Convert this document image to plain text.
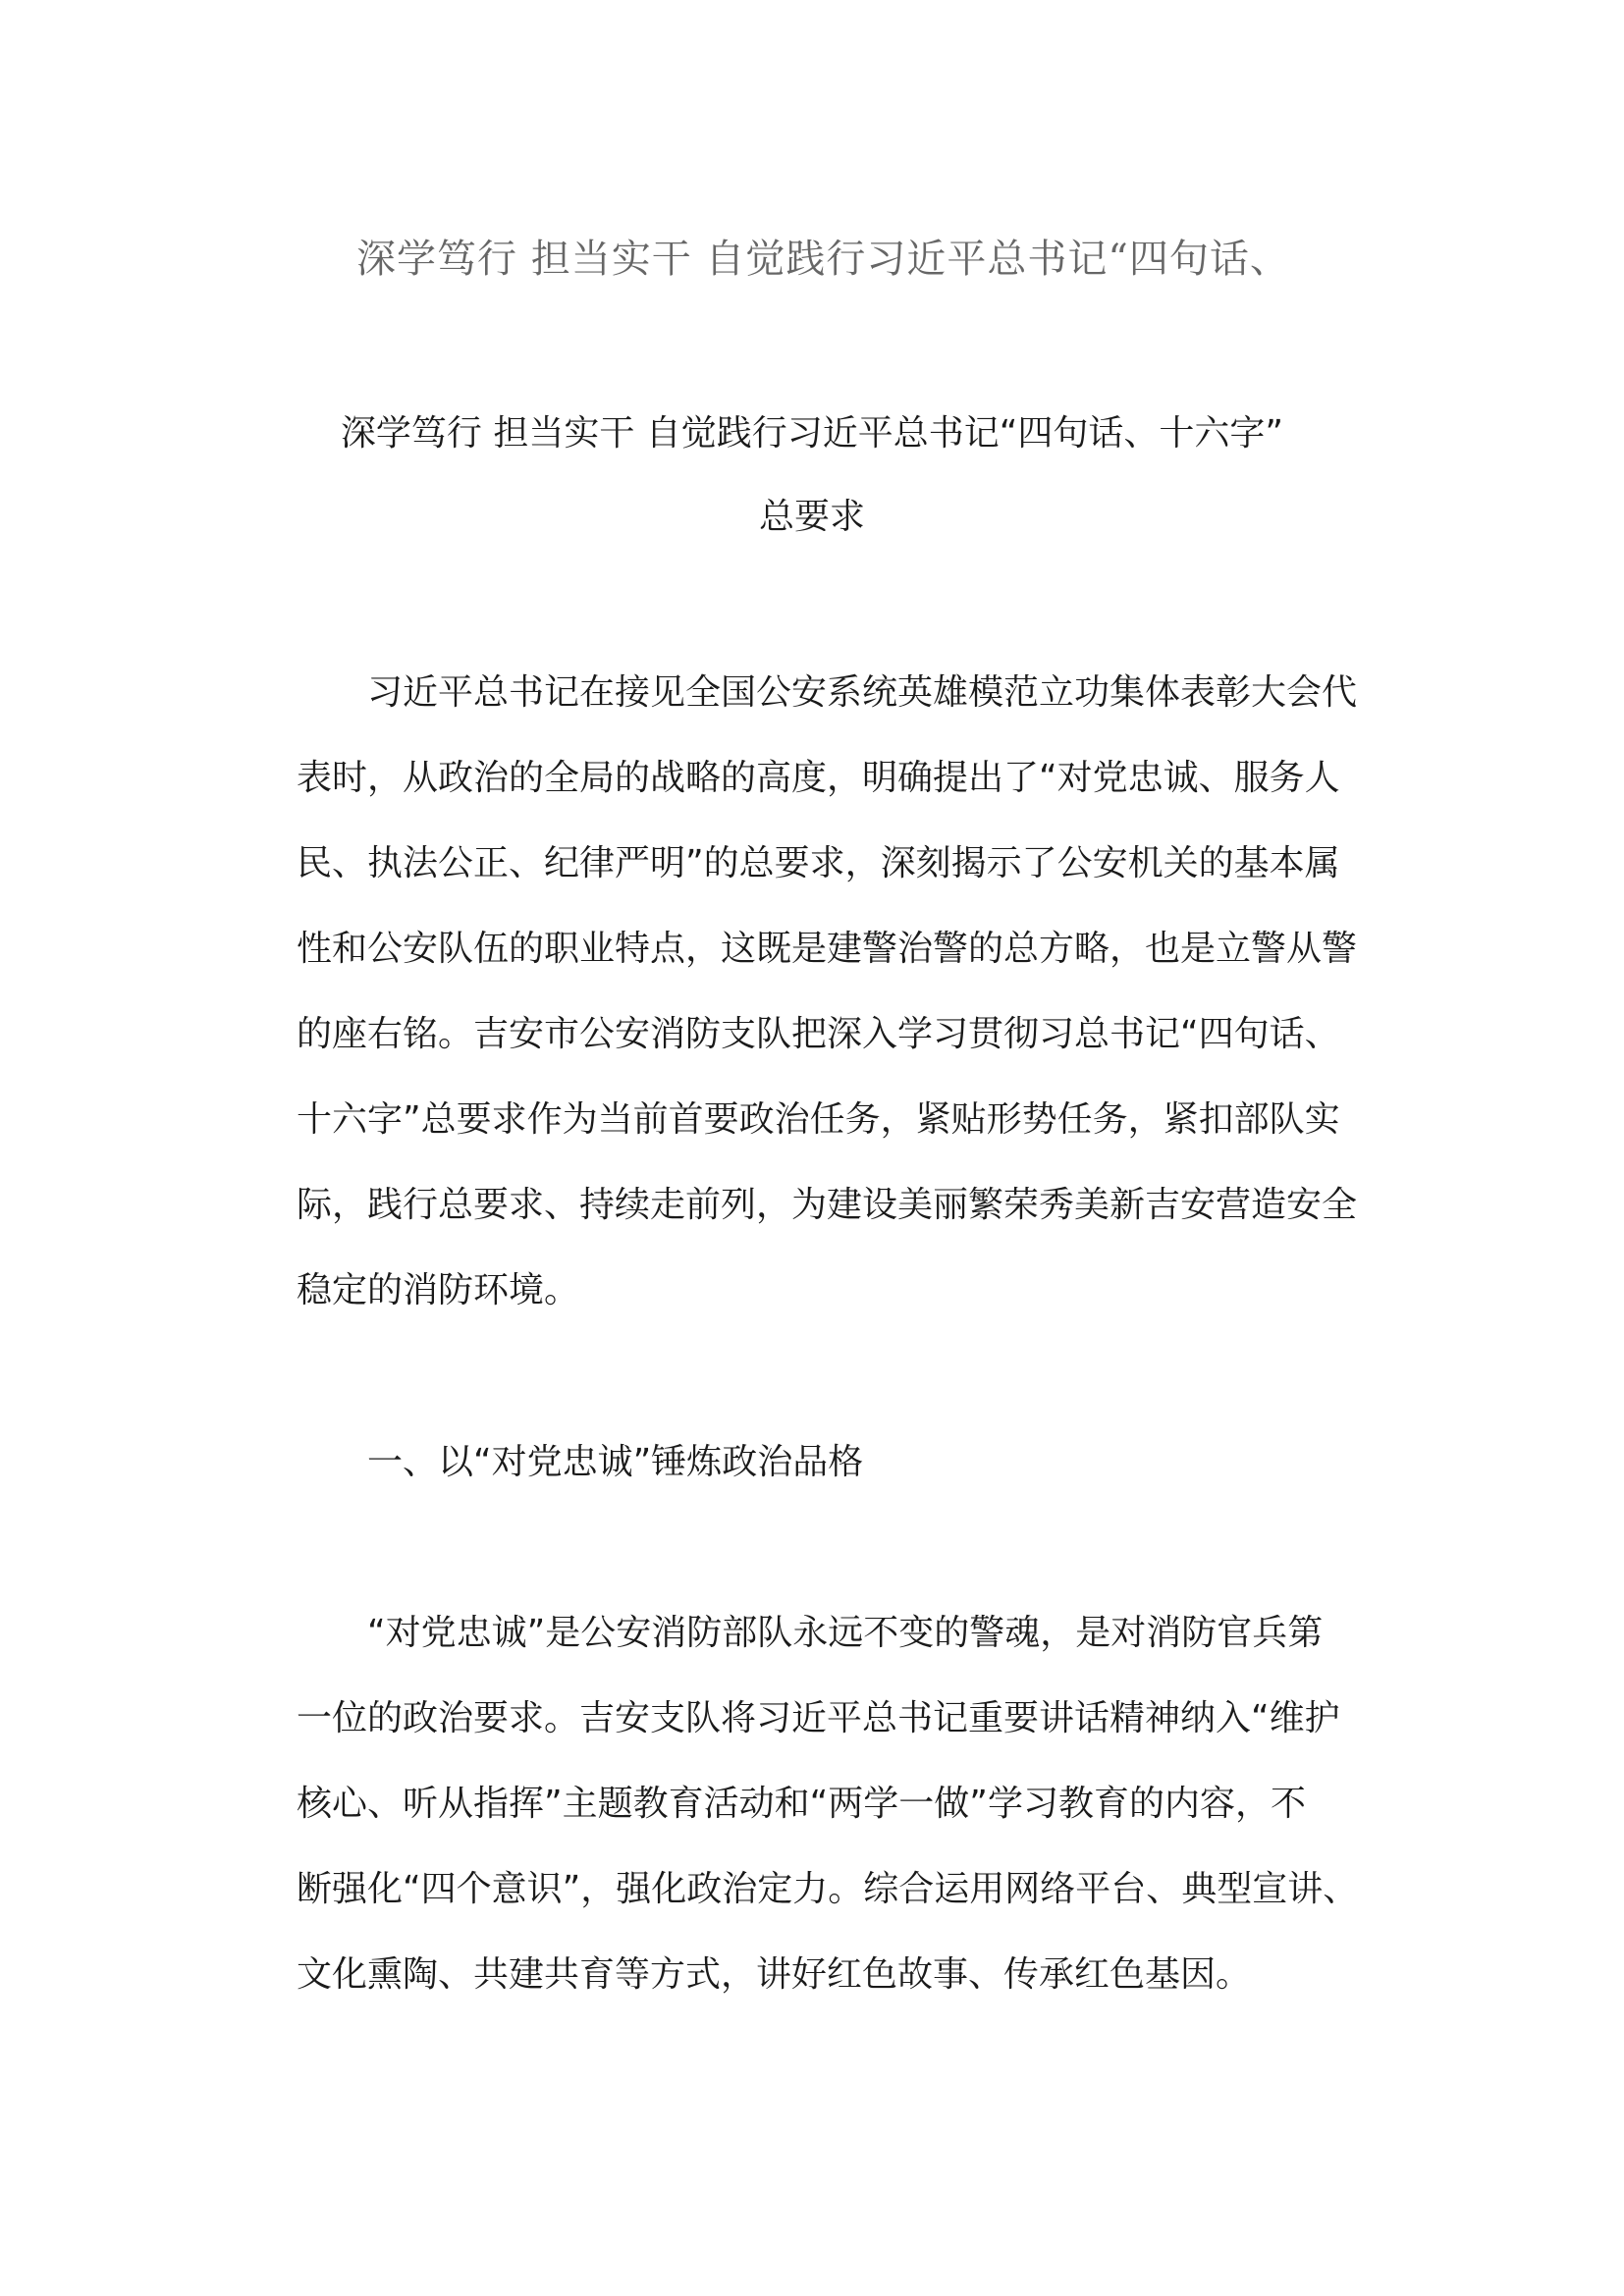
深学笃行 担当实干 自觉践行习近平总书记“四句话、
深学笃行 担当实干 自觉践行习近平总书记“四句话、十六字”
总要求
习近平总书记在接见全国公安系统英雄模范立功集体表彰大会代
表时，从政治的全局的战略的高度，明确提出了“对党忠诚、服务人
民、执法公正、纪律严明”的总要求，深刻揭示了公安机关的基本属
性和公安队伍的职业特点，这既是建警治警的总方略，也是立警从警
的座右铭。吉安市公安消防支队把深入学习贯彻习总书记“四句话、
十六字”总要求作为当前首要政治任务，紧贴形势任务，紧扣部队实
际，践行总要求、持续走前列，为建设美丽繁荣秀美新吉安营造安全
稳定的消防环境。
一、以“对党忠诚”锤炼政治品格
“对党忠诚”是公安消防部队永远不变的警魂，是对消防官兵第
一位的政治要求。吉安支队将习近平总书记重要讲话精神纳入“维护
核心、听从指挥”主题教育活动和“两学一做”学习教育的内容，不
断强化“四个意识”，强化政治定力。综合运用网络平台、典型宣讲、
文化熏陶、共建共育等方式，讲好红色故事、传承红色基因。
